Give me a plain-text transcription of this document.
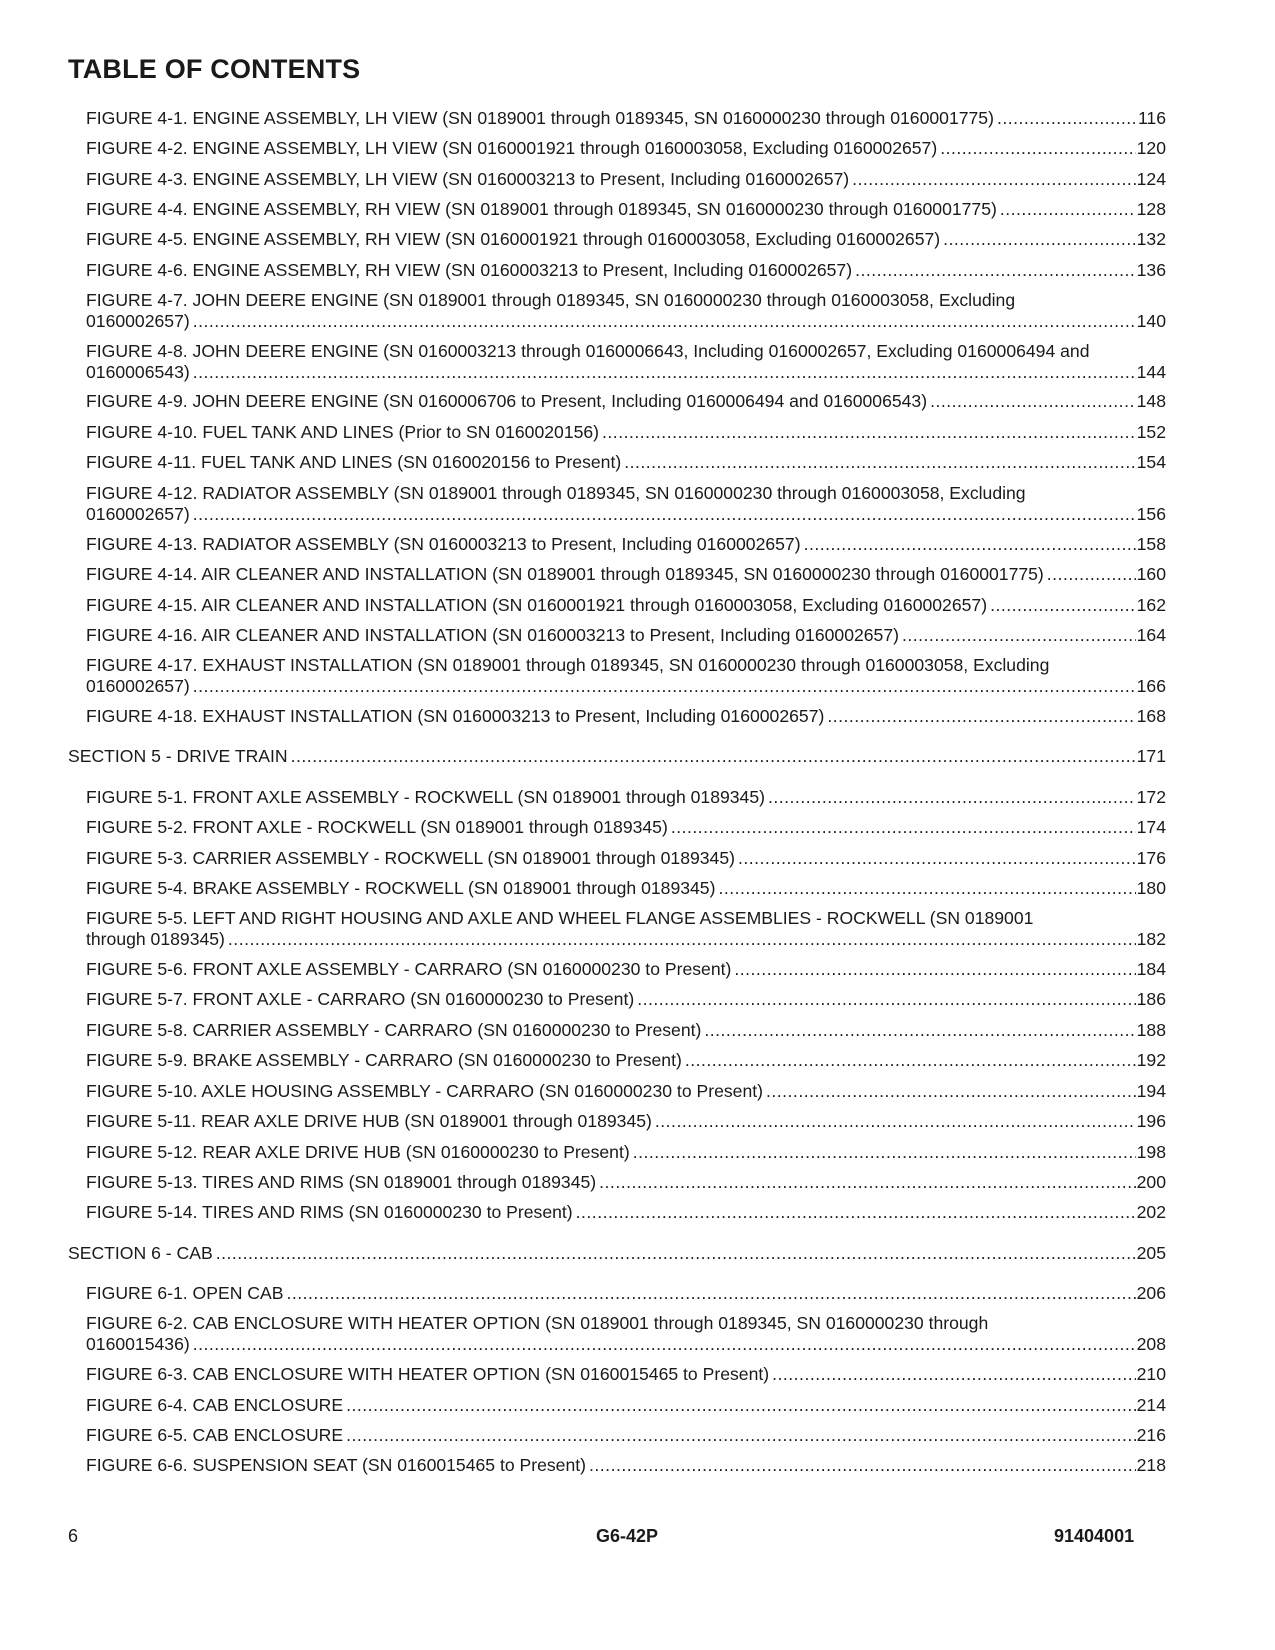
TABLE OF CONTENTS
FIGURE 4-1. ENGINE ASSEMBLY, LH VIEW (SN 0189001 through 0189345, SN 0160000230 through 0160001775) .....	116
FIGURE 4-2. ENGINE ASSEMBLY, LH VIEW (SN 0160001921 through 0160003058, Excluding 0160002657) .....	120
FIGURE 4-3. ENGINE ASSEMBLY, LH VIEW (SN 0160003213 to Present, Including 0160002657) .....	124
FIGURE 4-4. ENGINE ASSEMBLY, RH VIEW (SN 0189001 through 0189345, SN 0160000230 through 0160001775) .....	128
FIGURE 4-5. ENGINE ASSEMBLY, RH VIEW (SN 0160001921 through 0160003058, Excluding 0160002657) .....	132
FIGURE 4-6. ENGINE ASSEMBLY, RH VIEW (SN 0160003213 to Present, Including 0160002657) .....	136
FIGURE 4-7. JOHN DEERE ENGINE (SN 0189001 through 0189345, SN 0160000230 through 0160003058, Excluding
0160002657) .....	140
FIGURE 4-8. JOHN DEERE ENGINE (SN 0160003213 through 0160006643, Including 0160002657, Excluding 0160006494 and
0160006543) .....	144
FIGURE 4-9. JOHN DEERE ENGINE (SN 0160006706 to Present, Including 0160006494 and 0160006543) .....	148
FIGURE 4-10. FUEL TANK AND LINES (Prior to SN 0160020156) .....	152
FIGURE 4-11. FUEL TANK AND LINES (SN 0160020156 to Present) .....	154
FIGURE 4-12. RADIATOR ASSEMBLY (SN 0189001 through 0189345, SN 0160000230 through 0160003058, Excluding
0160002657) .....	156
FIGURE 4-13. RADIATOR ASSEMBLY (SN 0160003213 to Present, Including 0160002657) .....	158
FIGURE 4-14. AIR CLEANER AND INSTALLATION (SN 0189001 through 0189345, SN 0160000230 through 0160001775) .....	160
FIGURE 4-15. AIR CLEANER AND INSTALLATION (SN 0160001921 through 0160003058, Excluding 0160002657) .....	162
FIGURE 4-16. AIR CLEANER AND INSTALLATION (SN 0160003213 to Present, Including 0160002657) .....	164
FIGURE 4-17. EXHAUST INSTALLATION (SN 0189001 through 0189345, SN 0160000230 through 0160003058, Excluding
0160002657) .....	166
FIGURE 4-18. EXHAUST INSTALLATION (SN 0160003213 to Present, Including 0160002657) .....	168
SECTION 5 - DRIVE TRAIN .....	171
FIGURE 5-1. FRONT AXLE ASSEMBLY - ROCKWELL (SN 0189001 through 0189345) .....	172
FIGURE 5-2. FRONT AXLE - ROCKWELL (SN 0189001 through 0189345) .....	174
FIGURE 5-3. CARRIER ASSEMBLY - ROCKWELL (SN 0189001 through 0189345) .....	176
FIGURE 5-4. BRAKE ASSEMBLY - ROCKWELL (SN 0189001 through 0189345) .....	180
FIGURE 5-5. LEFT AND RIGHT HOUSING AND AXLE AND WHEEL FLANGE ASSEMBLIES - ROCKWELL (SN 0189001
through 0189345) .....	182
FIGURE 5-6. FRONT AXLE ASSEMBLY - CARRARO (SN 0160000230 to Present) .....	184
FIGURE 5-7. FRONT AXLE - CARRARO (SN 0160000230 to Present) .....	186
FIGURE 5-8. CARRIER ASSEMBLY - CARRARO (SN 0160000230 to Present) .....	188
FIGURE 5-9. BRAKE ASSEMBLY - CARRARO (SN 0160000230 to Present) .....	192
FIGURE 5-10. AXLE HOUSING ASSEMBLY - CARRARO (SN 0160000230 to Present) .....	194
FIGURE 5-11. REAR AXLE DRIVE HUB (SN 0189001 through 0189345) .....	196
FIGURE 5-12. REAR AXLE DRIVE HUB (SN 0160000230 to Present) .....	198
FIGURE 5-13. TIRES AND RIMS (SN 0189001 through 0189345) .....	200
FIGURE 5-14. TIRES AND RIMS (SN 0160000230 to Present) .....	202
SECTION 6 - CAB .....	205
FIGURE 6-1. OPEN CAB .....	206
FIGURE 6-2. CAB ENCLOSURE WITH HEATER OPTION (SN 0189001 through 0189345, SN 0160000230 through
0160015436) .....	208
FIGURE 6-3. CAB ENCLOSURE WITH HEATER OPTION (SN 0160015465 to Present) .....	210
FIGURE 6-4. CAB ENCLOSURE .....	214
FIGURE 6-5. CAB ENCLOSURE .....	216
FIGURE 6-6. SUSPENSION SEAT (SN 0160015465 to Present) .....	218
6	G6-42P	91404001
